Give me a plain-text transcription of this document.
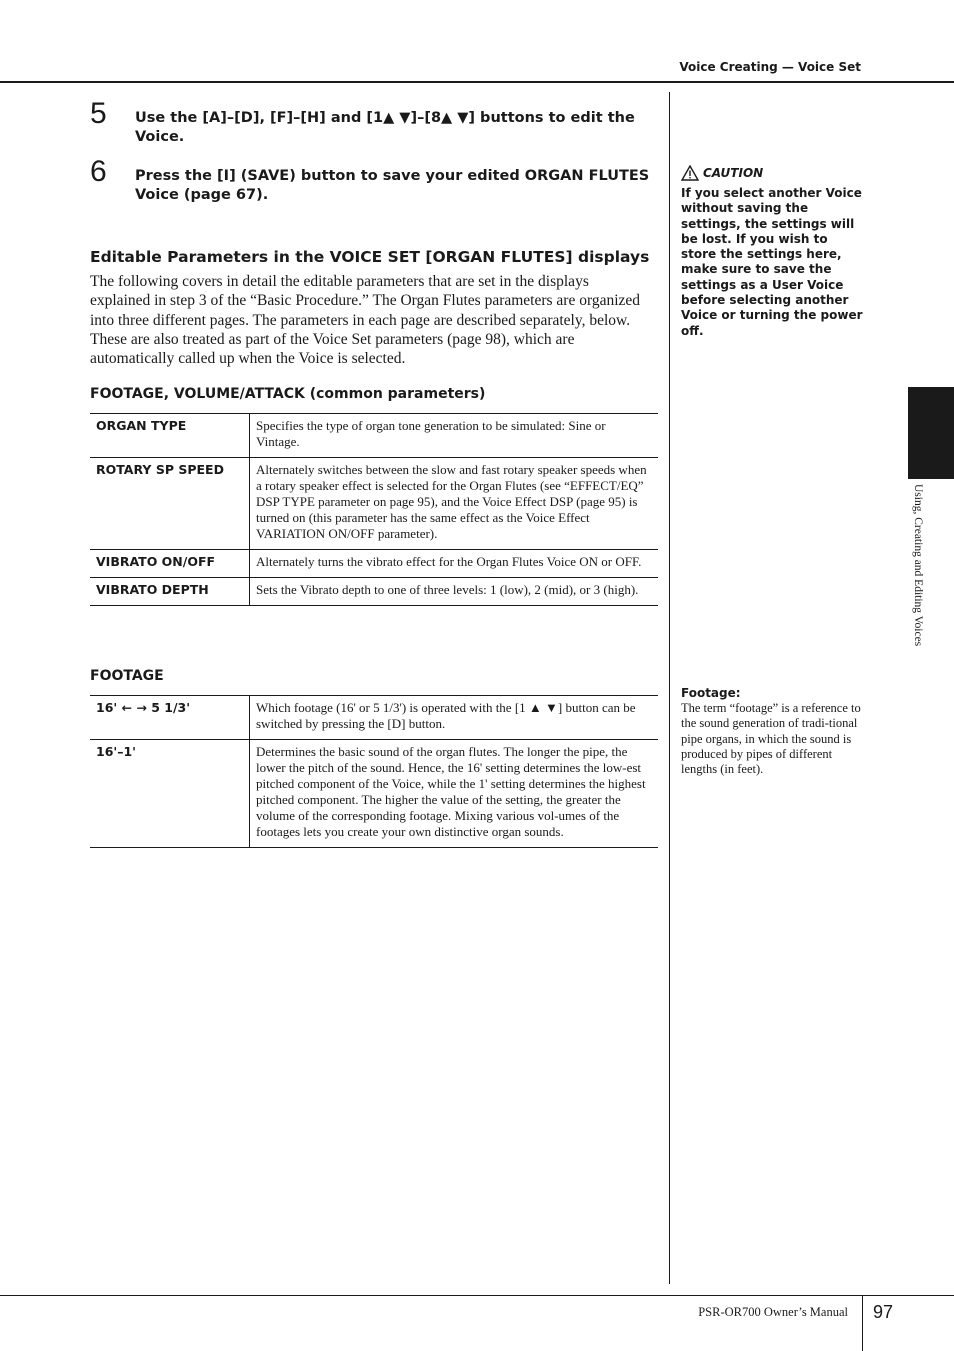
Voice Creating — Voice Set
5 Use the [A]–[D], [F]–[H] and [1▲ ▼]–[8▲ ▼] buttons to edit the Voice.
6 Press the [I] (SAVE) button to save your edited ORGAN FLUTES Voice (page 67).
Editable Parameters in the VOICE SET [ORGAN FLUTES] displays
The following covers in detail the editable parameters that are set in the displays explained in step 3 of the “Basic Procedure.” The Organ Flutes parameters are organized into three different pages. The parameters in each page are described separately, below. These are also treated as part of the Voice Set parameters (page 98), which are automatically called up when the Voice is selected.
FOOTAGE, VOLUME/ATTACK (common parameters)
ORGAN TYPE	Specifies the type of organ tone generation to be simulated: Sine or Vintage.
ROTARY SP SPEED	Alternately switches between the slow and fast rotary speaker speeds when a rotary speaker effect is selected for the Organ Flutes (see “EFFECT/EQ” DSP TYPE parameter on page 95), and the Voice Effect DSP (page 95) is turned on (this parameter has the same effect as the Voice Effect VARIATION ON/OFF parameter).
VIBRATO ON/OFF	Alternately turns the vibrato effect for the Organ Flutes Voice ON or OFF.
VIBRATO DEPTH	Sets the Vibrato depth to one of three levels: 1 (low), 2 (mid), or 3 (high).
FOOTAGE
16' ← → 5 1/3'	Which footage (16' or 5 1/3') is operated with the [1 ▲ ▼] button can be switched by pressing the [D] button.
16'–1'	Determines the basic sound of the organ flutes. The longer the pipe, the lower the pitch of the sound. Hence, the 16' setting determines the low-est pitched component of the Voice, while the 1' setting determines the highest pitched component. The higher the value of the setting, the greater the volume of the corresponding footage. Mixing various vol-umes of the footages lets you create your own distinctive organ sounds.
CAUTION
If you select another Voice without saving the settings, the settings will be lost. If you wish to store the settings here, make sure to save the settings as a User Voice before selecting another Voice or turning the power off.
Footage:
The term “footage” is a reference to the sound generation of tradi-tional pipe organs, in which the sound is produced by pipes of different lengths (in feet).
Using, Creating and Editing Voices
PSR-OR700 Owner’s Manual 97
